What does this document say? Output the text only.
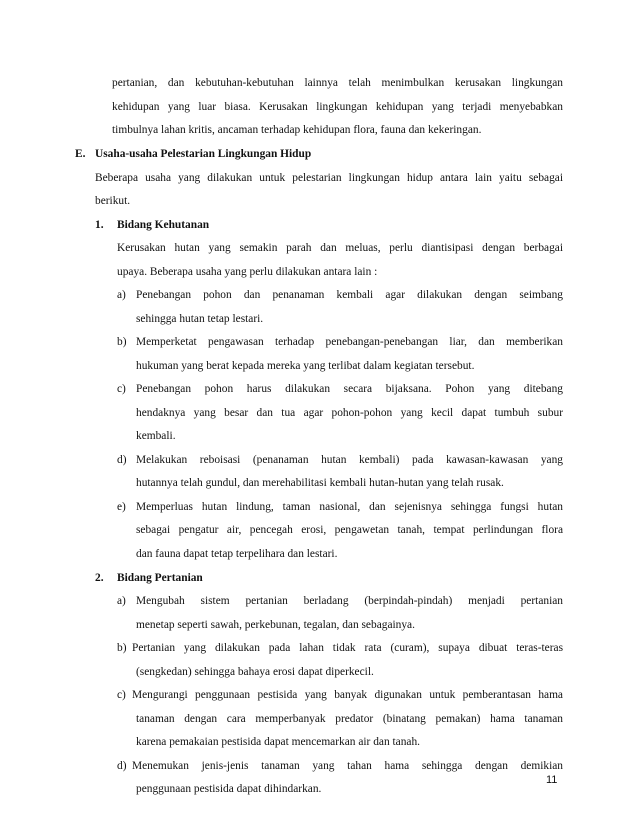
pertanian, dan kebutuhan-kebutuhan lainnya telah menimbulkan kerusakan lingkungan
kehidupan yang luar biasa. Kerusakan lingkungan kehidupan yang terjadi menyebabkan
timbulnya lahan kritis, ancaman terhadap kehidupan flora, fauna dan kekeringan.
E. Usaha-usaha Pelestarian Lingkungan Hidup
Beberapa usaha yang dilakukan untuk pelestarian lingkungan hidup antara lain yaitu sebagai
berikut.
1. Bidang Kehutanan
Kerusakan hutan yang semakin parah dan meluas, perlu diantisipasi dengan berbagai
upaya. Beberapa usaha yang perlu dilakukan antara lain :
a) Penebangan pohon dan penanaman kembali agar dilakukan dengan seimbang
sehingga hutan tetap lestari.
b) Memperketat pengawasan terhadap penebangan-penebangan liar, dan memberikan
hukuman yang berat kepada mereka yang terlibat dalam kegiatan tersebut.
c) Penebangan pohon harus dilakukan secara bijaksana. Pohon yang ditebang
hendaknya yang besar dan tua agar pohon-pohon yang kecil dapat tumbuh subur
kembali.
d) Melakukan reboisasi (penanaman hutan kembali) pada kawasan-kawasan yang
hutannya telah gundul, dan merehabilitasi kembali hutan-hutan yang telah rusak.
e) Memperluas hutan lindung, taman nasional, dan sejenisnya sehingga fungsi hutan
sebagai pengatur air, pencegah erosi, pengawetan tanah, tempat perlindungan flora
dan fauna dapat tetap terpelihara dan lestari.
2. Bidang Pertanian
a) Mengubah sistem pertanian berladang (berpindah-pindah) menjadi pertanian
menetap seperti sawah, perkebunan, tegalan, dan sebagainya.
b) Pertanian yang dilakukan pada lahan tidak rata (curam), supaya dibuat teras-teras
(sengkedan) sehingga bahaya erosi dapat diperkecil.
c) Mengurangi penggunaan pestisida yang banyak digunakan untuk pemberantasan hama
tanaman dengan cara memperbanyak predator (binatang pemakan) hama tanaman
karena pemakaian pestisida dapat mencemarkan air dan tanah.
d) Menemukan jenis-jenis tanaman yang tahan hama sehingga dengan demikian
penggunaan pestisida dapat dihindarkan.
11
